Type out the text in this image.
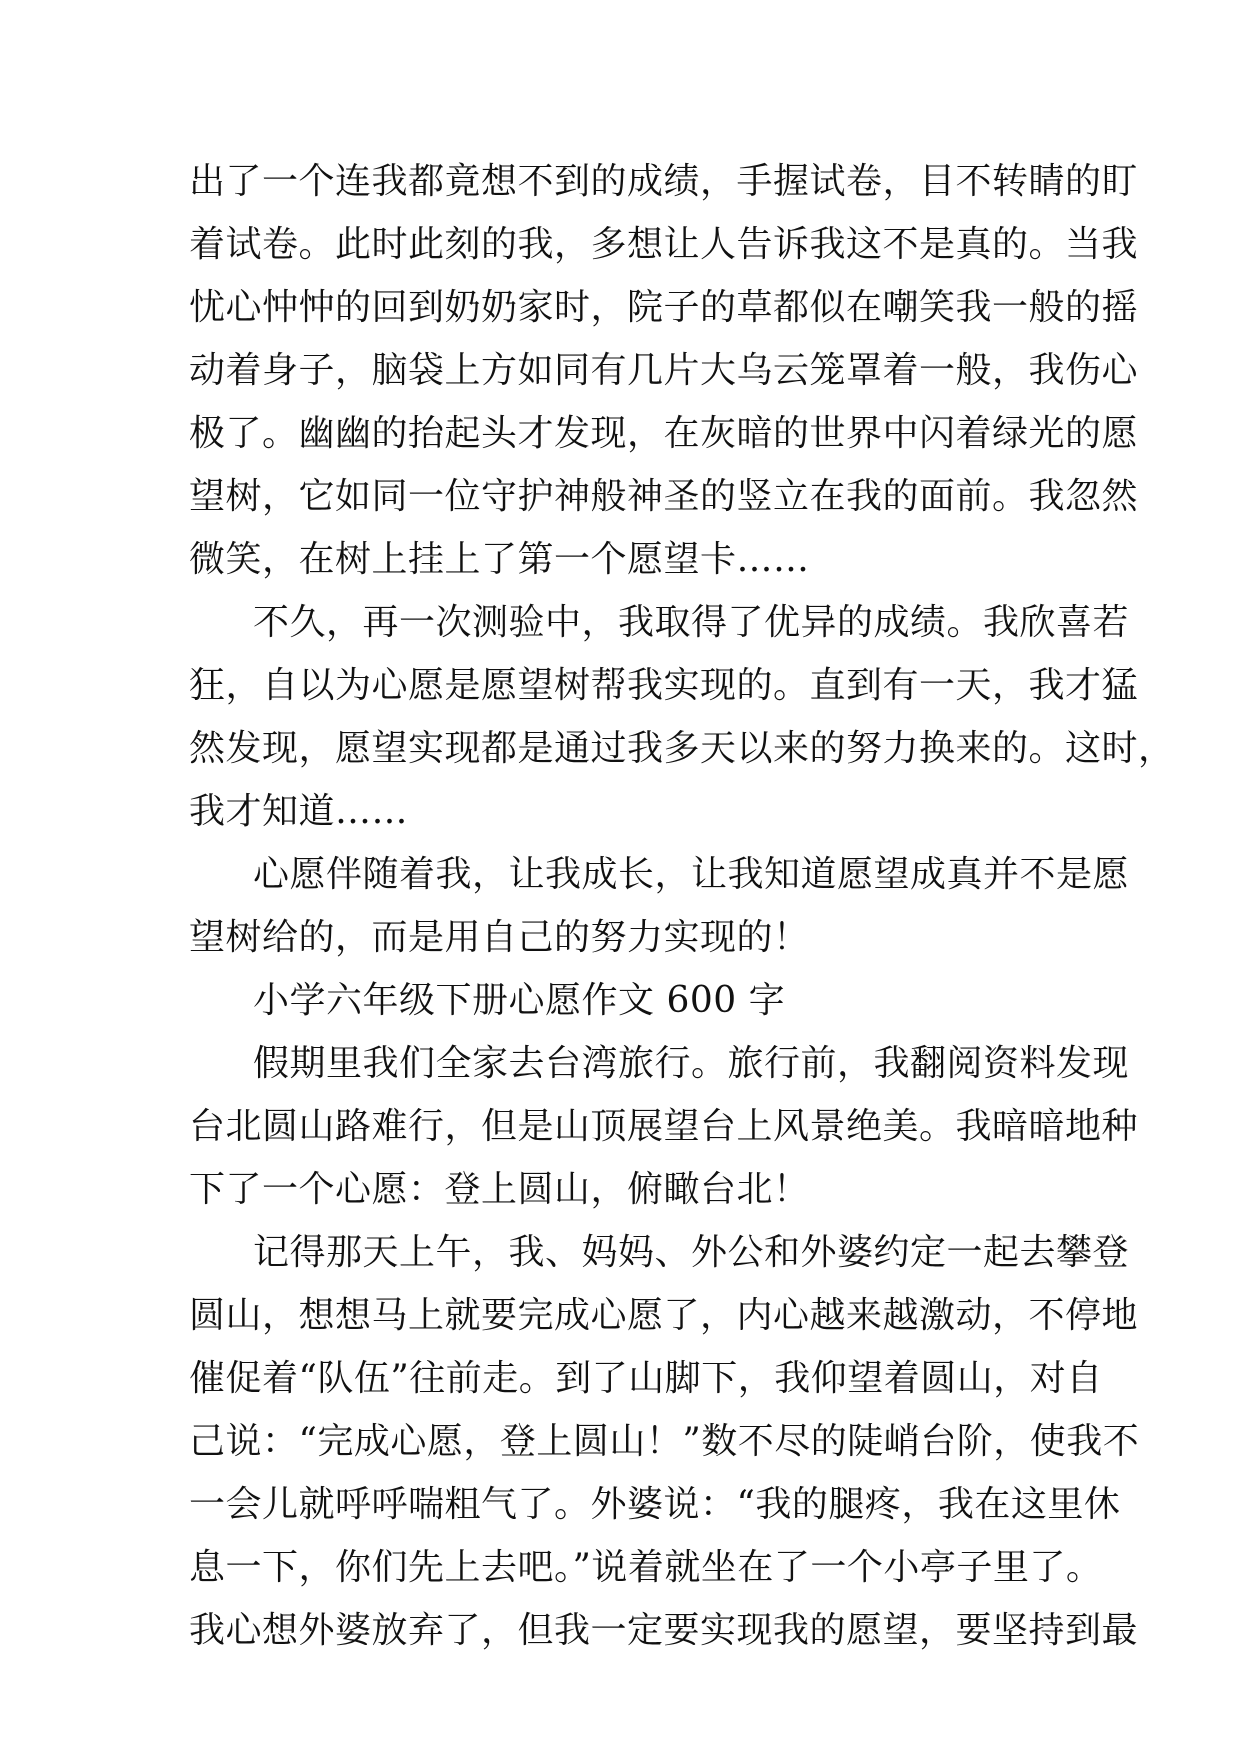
出了一个连我都竟想不到的成绩，手握试卷，目不转睛的盯
着试卷。此时此刻的我，多想让人告诉我这不是真的。当我
忧心忡忡的回到奶奶家时，院子的草都似在嘲笑我一般的摇
动着身子，脑袋上方如同有几片大乌云笼罩着一般，我伤心
极了。幽幽的抬起头才发现，在灰暗的世界中闪着绿光的愿
望树，它如同一位守护神般神圣的竖立在我的面前。我忽然
微笑，在树上挂上了第一个愿望卡……
不久，再一次测验中，我取得了优异的成绩。我欣喜若
狂，自以为心愿是愿望树帮我实现的。直到有一天，我才猛
然发现，愿望实现都是通过我多天以来的努力换来的。这时，
我才知道……
心愿伴随着我，让我成长，让我知道愿望成真并不是愿
望树给的，而是用自己的努力实现的！
小学六年级下册心愿作文 600 字
假期里我们全家去台湾旅行。旅行前，我翻阅资料发现
台北圆山路难行，但是山顶展望台上风景绝美。我暗暗地种
下了一个心愿：登上圆山，俯瞰台北！
记得那天上午，我、妈妈、外公和外婆约定一起去攀登
圆山，想想马上就要完成心愿了，内心越来越激动，不停地
催促着“队伍”往前走。到了山脚下，我仰望着圆山，对自
己说：“完成心愿，登上圆山！”数不尽的陡峭台阶，使我不
一会儿就呼呼喘粗气了。外婆说：“我的腿疼，我在这里休
息一下，你们先上去吧。”说着就坐在了一个小亭子里了。
我心想外婆放弃了，但我一定要实现我的愿望，要坚持到最
